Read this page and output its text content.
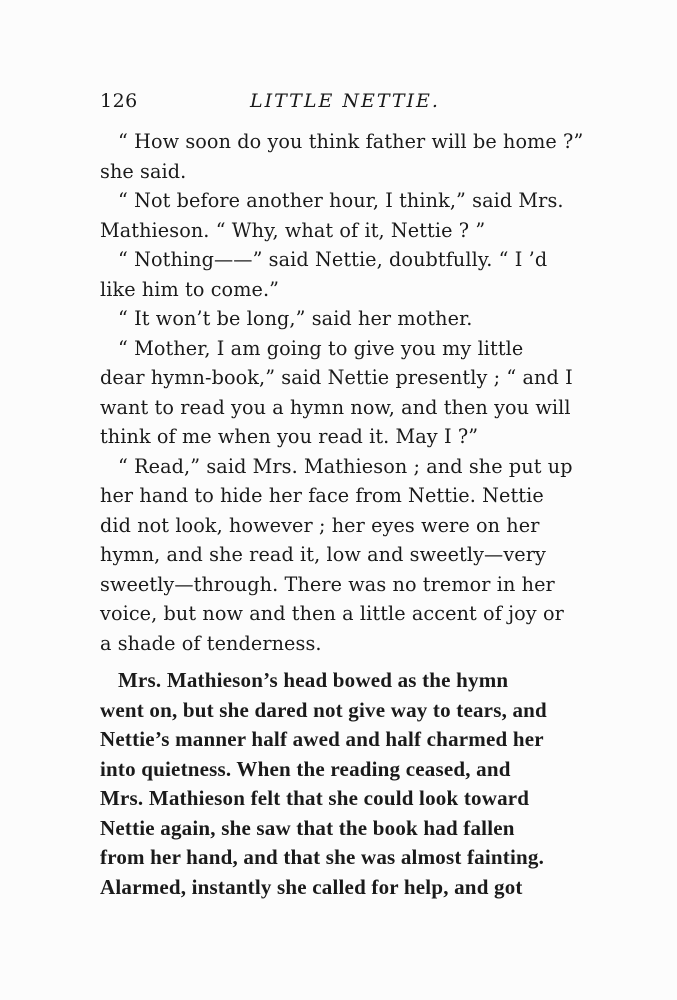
126	LITTLE NETTIE.
“ How soon do you think father will be home ?”
she said.
“ Not before another hour, I think,” said Mrs.
Mathieson. “ Why, what of it, Nettie ? ”
“ Nothing——” said Nettie, doubtfully. “ I ’d
like him to come.”
“ It won’t be long,” said her mother.
“ Mother, I am going to give you my little
dear hymn-book,” said Nettie presently ; “ and I
want to read you a hymn now, and then you will
think of me when you read it. May I ?”
“ Read,” said Mrs. Mathieson ; and she put up
her hand to hide her face from Nettie. Nettie
did not look, however ; her eyes were on her
hymn, and she read it, low and sweetly—very
sweetly—through. There was no tremor in her
voice, but now and then a little accent of joy or
a shade of tenderness.
Mrs. Mathieson’s head bowed as the hymn
went on, but she dared not give way to tears, and
Nettie’s manner half awed and half charmed her
into quietness. When the reading ceased, and
Mrs. Mathieson felt that she could look toward
Nettie again, she saw that the book had fallen
from her hand, and that she was almost fainting.
Alarmed, instantly she called for help, and got
